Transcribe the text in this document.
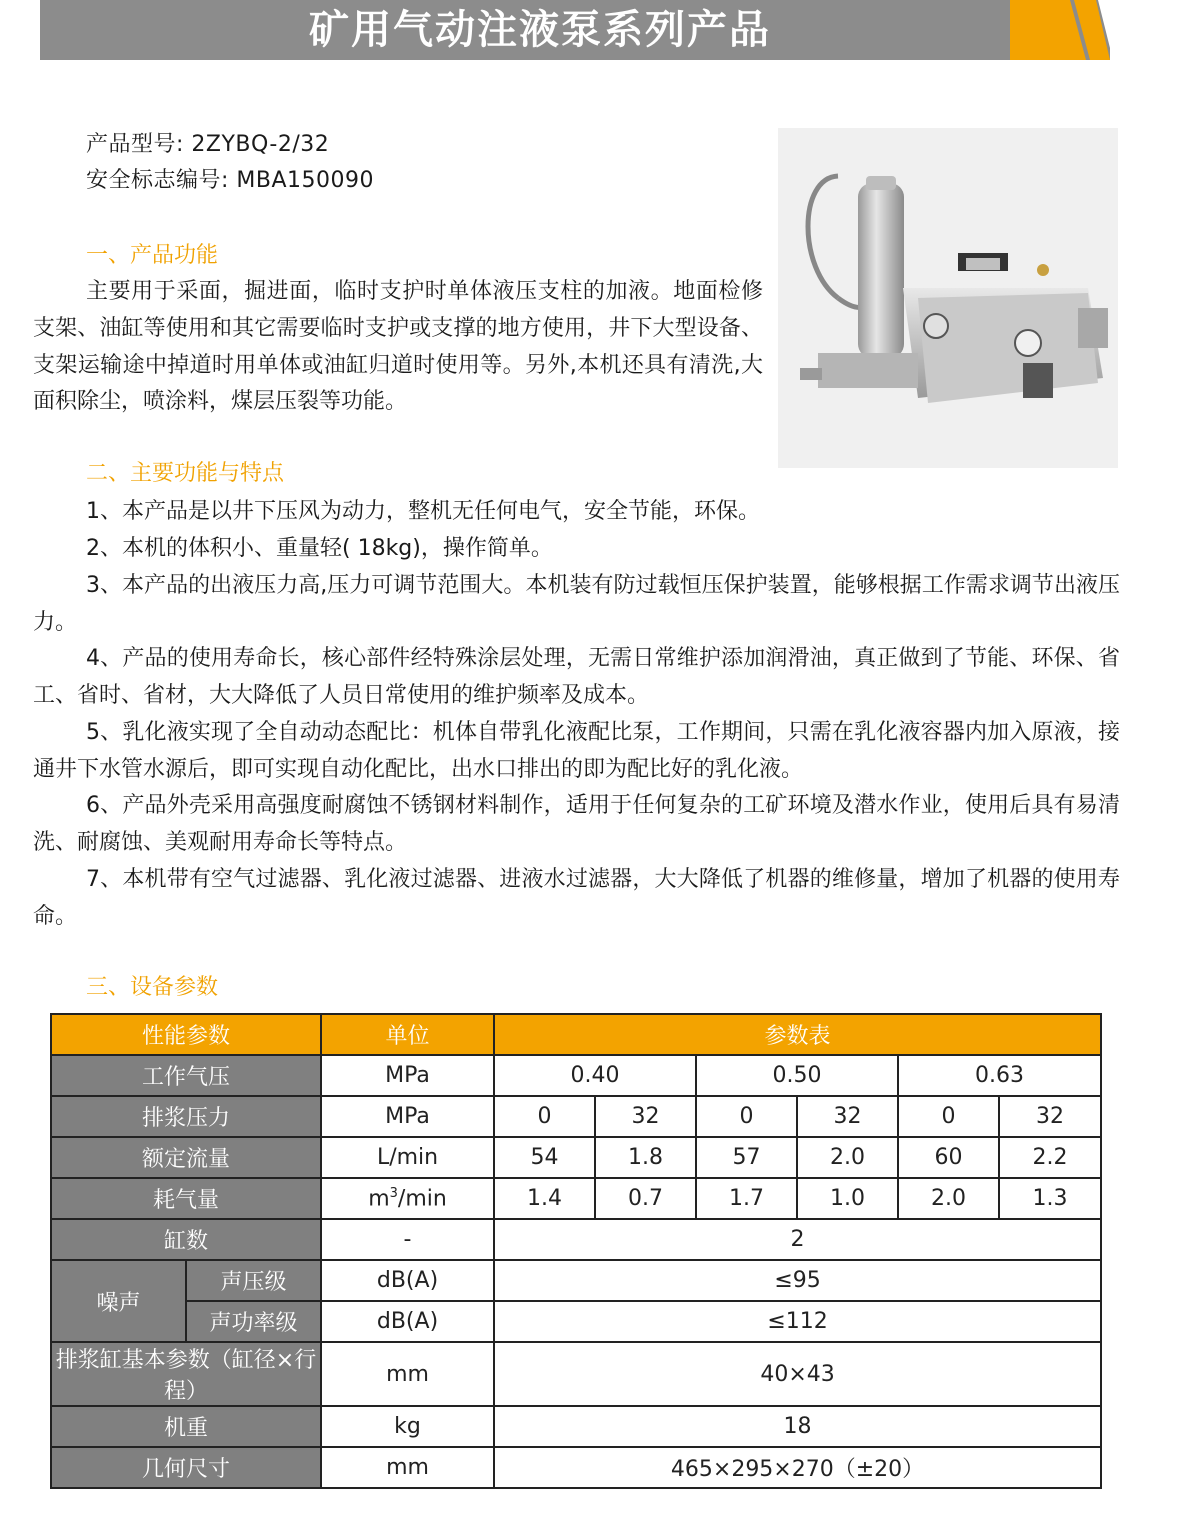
矿用气动注液泵系列产品
产品型号: 2ZYBQ-2/32
安全标志编号: MBA150090
一、产品功能

主要用于采面，掘进面，临时支护时单体液压支柱的加液。地面检修支架、油缸等使用和其它需要临时支护或支撑的地方使用，井下大型设备、支架运输途中掉道时用单体或油缸归道时使用等。另外,本机还具有清洗,大面积除尘，喷涂料，煤层压裂等功能。

二、主要功能与特点

1、本产品是以井下压风为动力，整机无任何电气，安全节能，环保。

2、本机的体积小、重量轻( 18kg)，操作简单。

3、本产品的出液压力高,压力可调节范围大。本机装有防过载恒压保护装置，能够根据工作需求调节出液压力。

4、产品的使用寿命长，核心部件经特殊涂层处理，无需日常维护添加润滑油，真正做到了节能、环保、省工、省时、省材，大大降低了人员日常使用的维护频率及成本。

5、乳化液实现了全自动动态配比：机体自带乳化液配比泵，工作期间，只需在乳化液容器内加入原液，接通井下水管水源后，即可实现自动化配比，出水口排出的即为配比好的乳化液。

6、产品外壳采用高强度耐腐蚀不锈钢材料制作，适用于任何复杂的工矿环境及潜水作业，使用后具有易清洗、耐腐蚀、美观耐用寿命长等特点。

7、本机带有空气过滤器、乳化液过滤器、进液水过滤器，大大降低了机器的维修量，增加了机器的使用寿命。

三、设备参数
性能参数		单位	参数表					
工作气压		MPa	0.40		0.50		0.63	
排浆压力		MPa	0	32	0	32	0	32
额定流量		L/min	54	1.8	57	2.0	60	2.2
耗气量		$m^3/\min$	1.4	0.7	1.7	1.0	2.0	1.3
缸数		-	2					
噪声	声压级	dB(A)	≤95					
	声功率级	dB(A)	≤112					
排浆缸基本参数（缸径×行程）		mm	40×43					
机重		kg	18					
几何尺寸		mm	465×295×270（±20）					
